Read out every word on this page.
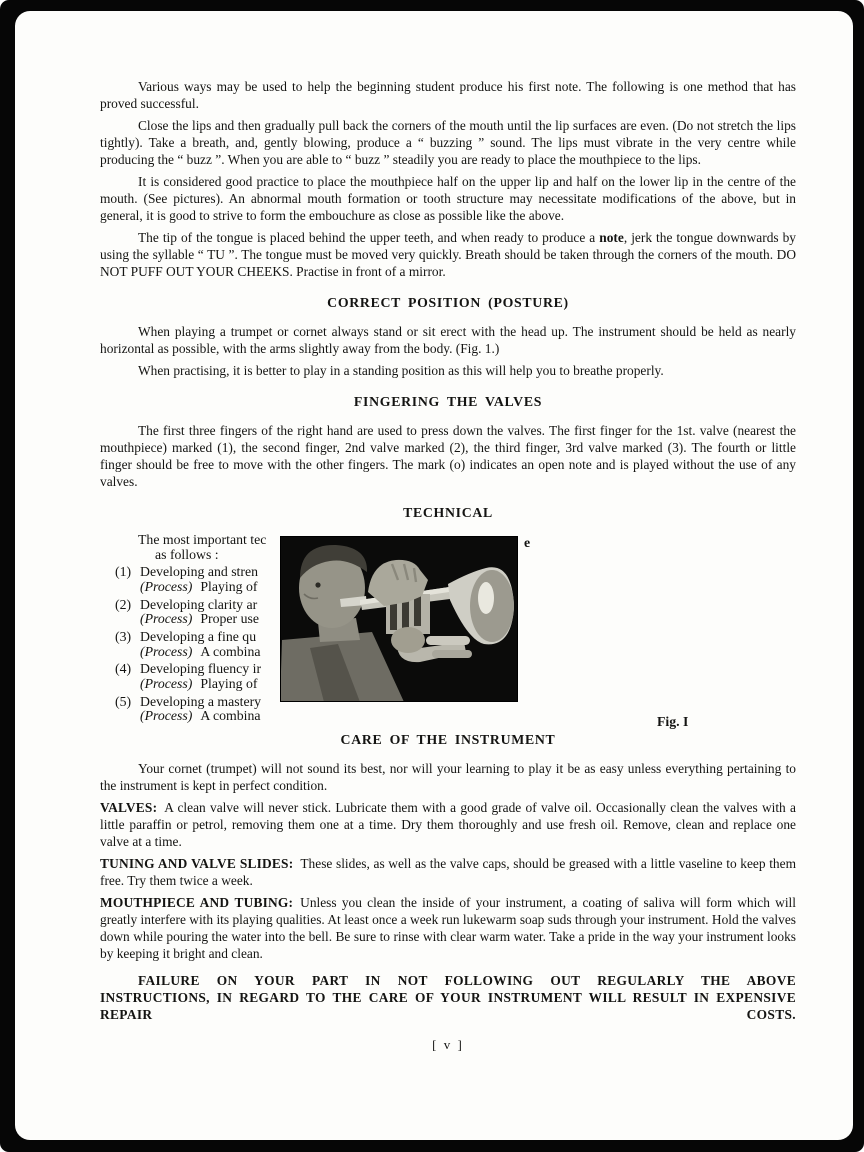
Various ways may be used to help the beginning student produce his first note. The following is one method that has proved successful.

Close the lips and then gradually pull back the corners of the mouth until the lip surfaces are even. (Do not stretch the lips tightly). Take a breath, and, gently blowing, produce a “ buzzing ” sound. The lips must vibrate in the very centre while producing the “ buzz ”. When you are able to “ buzz ” steadily you are ready to place the mouthpiece to the lips.

It is considered good practice to place the mouthpiece half on the upper lip and half on the lower lip in the centre of the mouth. (See pictures). An abnormal mouth formation or tooth structure may necessitate modifications of the above, but in general, it is good to strive to form the embouchure as close as possible like the above.

The tip of the tongue is placed behind the upper teeth, and when ready to produce a note, jerk the tongue downwards by using the syllable “ TU ”. The tongue must be moved very quickly. Breath should be taken through the corners of the mouth. DO NOT PUFF OUT YOUR CHEEKS. Practise in front of a mirror.

CORRECT POSITION (POSTURE)

When playing a trumpet or cornet always stand or sit erect with the head up. The instrument should be held as nearly horizontal as possible, with the arms slightly away from the body. (Fig. 1.)

When practising, it is better to play in a standing position as this will help you to breathe properly.

FINGERING THE VALVES

The first three fingers of the right hand are used to press down the valves. The first finger for the 1st. valve (nearest the mouthpiece) marked (1), the second finger, 2nd valve marked (2), the third finger, 3rd valve marked (3). The fourth or little finger should be free to move with the other fingers. The mark (o) indicates an open note and is played without the use of any valves.

TECHNICAL
The most important tec
as follows :
(1) Developing and stren
(Process) Playing of
(2) Developing clarity ar
(Process) Proper use
(3) Developing a fine qu
(Process) A combina
(4) Developing fluency ir
(Process) Playing of
(5) Developing a mastery
(Process) A combina
e
Fig. I
CARE OF THE INSTRUMENT

Your cornet (trumpet) will not sound its best, nor will your learning to play it be as easy unless everything pertaining to the instrument is kept in perfect condition.

VALVES: A clean valve will never stick. Lubricate them with a good grade of valve oil. Occasionally clean the valves with a little paraffin or petrol, removing them one at a time. Dry them thoroughly and use fresh oil. Remove, clean and replace one valve at a time.

TUNING AND VALVE SLIDES: These slides, as well as the valve caps, should be greased with a little vaseline to keep them free. Try them twice a week.

MOUTHPIECE AND TUBING: Unless you clean the inside of your instrument, a coating of saliva will form which will greatly interfere with its playing qualities. At least once a week run lukewarm soap suds through your instrument. Hold the valves down while pouring the water into the bell. Be sure to rinse with clear warm water. Take a pride in the way your instrument looks by keeping it bright and clean.

FAILURE ON YOUR PART IN NOT FOLLOWING OUT REGULARLY THE ABOVE INSTRUCTIONS, IN REGARD TO THE CARE OF YOUR INSTRUMENT WILL RESULT IN EXPENSIVE REPAIR COSTS.

[ v ]
